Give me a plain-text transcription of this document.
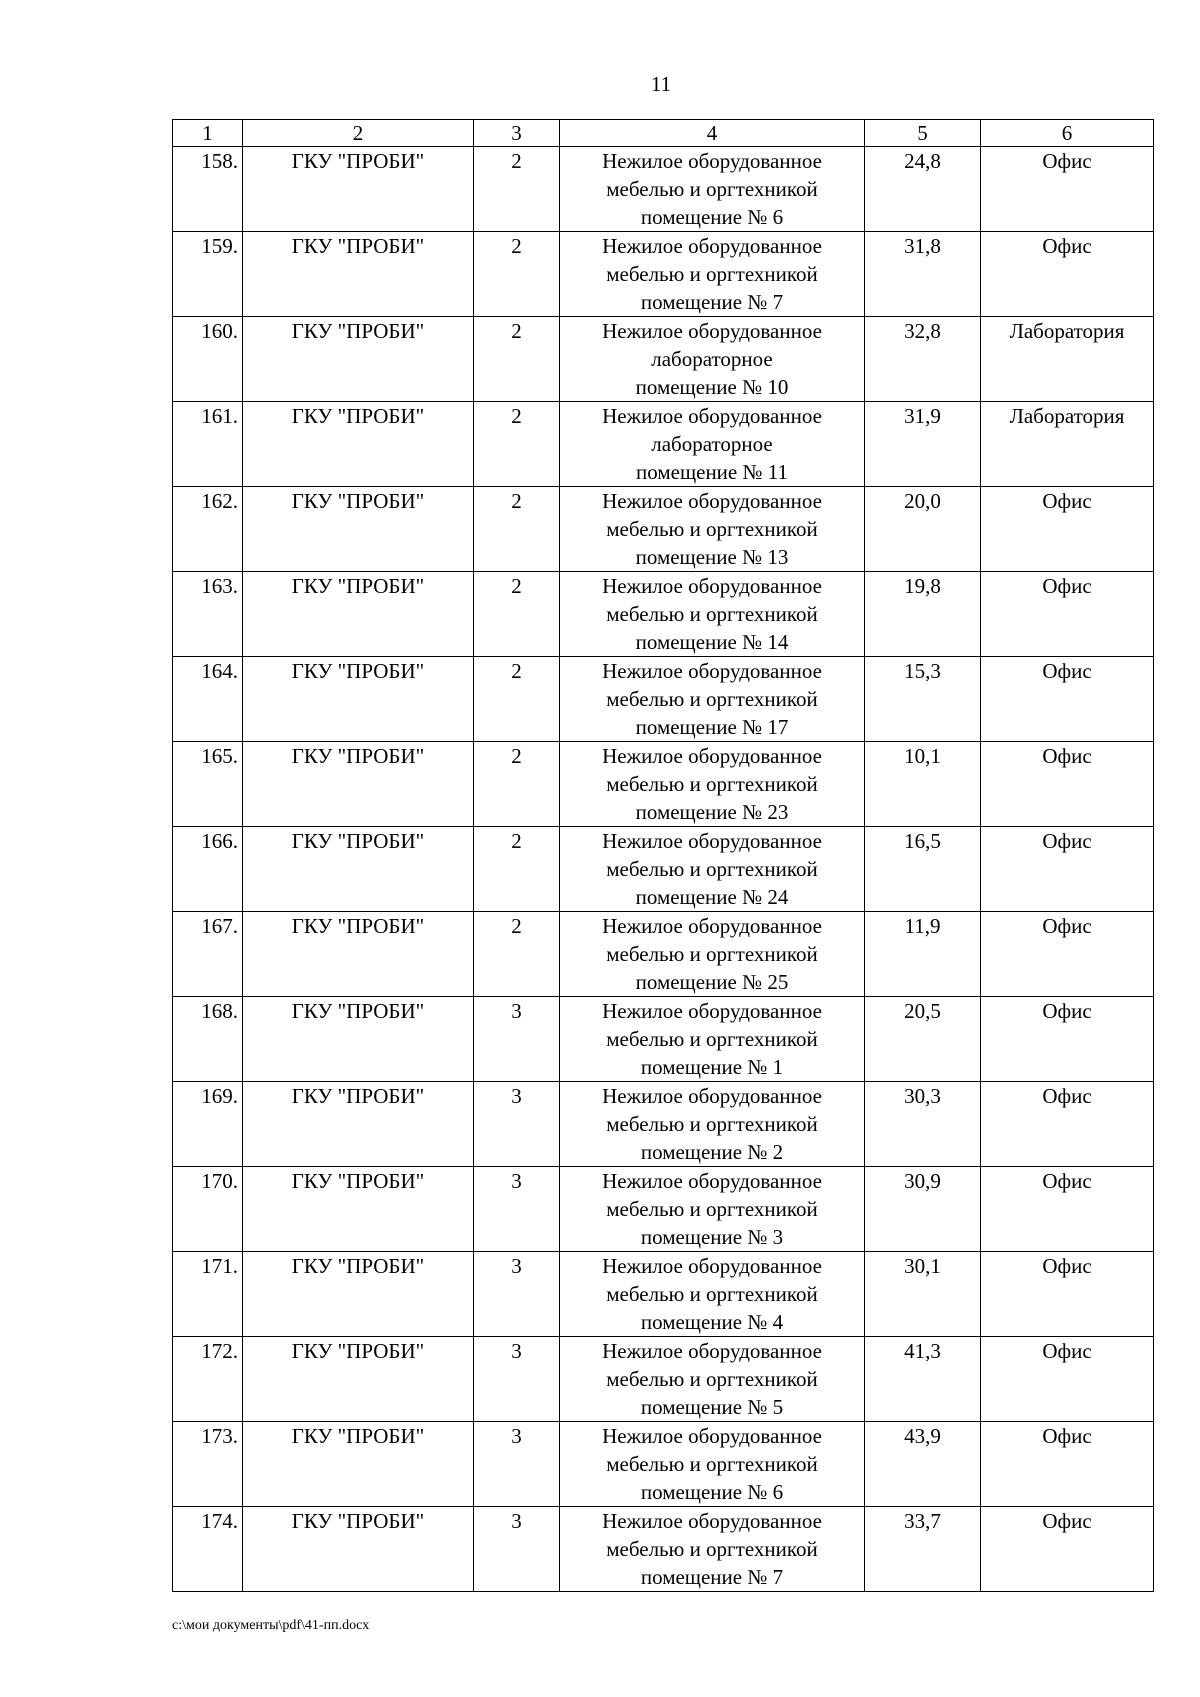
11
1	2	3	4	5	6
158.	ГКУ "ПРОБИ"	2	Нежилое оборудованное
мебелью и оргтехникой
помещение № 6	24,8	Офис
159.	ГКУ "ПРОБИ"	2	Нежилое оборудованное
мебелью и оргтехникой
помещение № 7	31,8	Офис
160.	ГКУ "ПРОБИ"	2	Нежилое оборудованное
лабораторное
помещение № 10	32,8	Лаборатория
161.	ГКУ "ПРОБИ"	2	Нежилое оборудованное
лабораторное
помещение № 11	31,9	Лаборатория
162.	ГКУ "ПРОБИ"	2	Нежилое оборудованное
мебелью и оргтехникой
помещение № 13	20,0	Офис
163.	ГКУ "ПРОБИ"	2	Нежилое оборудованное
мебелью и оргтехникой
помещение № 14	19,8	Офис
164.	ГКУ "ПРОБИ"	2	Нежилое оборудованное
мебелью и оргтехникой
помещение № 17	15,3	Офис
165.	ГКУ "ПРОБИ"	2	Нежилое оборудованное
мебелью и оргтехникой
помещение № 23	10,1	Офис
166.	ГКУ "ПРОБИ"	2	Нежилое оборудованное
мебелью и оргтехникой
помещение № 24	16,5	Офис
167.	ГКУ "ПРОБИ"	2	Нежилое оборудованное
мебелью и оргтехникой
помещение № 25	11,9	Офис
168.	ГКУ "ПРОБИ"	3	Нежилое оборудованное
мебелью и оргтехникой
помещение № 1	20,5	Офис
169.	ГКУ "ПРОБИ"	3	Нежилое оборудованное
мебелью и оргтехникой
помещение № 2	30,3	Офис
170.	ГКУ "ПРОБИ"	3	Нежилое оборудованное
мебелью и оргтехникой
помещение № 3	30,9	Офис
171.	ГКУ "ПРОБИ"	3	Нежилое оборудованное
мебелью и оргтехникой
помещение № 4	30,1	Офис
172.	ГКУ "ПРОБИ"	3	Нежилое оборудованное
мебелью и оргтехникой
помещение № 5	41,3	Офис
173.	ГКУ "ПРОБИ"	3	Нежилое оборудованное
мебелью и оргтехникой
помещение № 6	43,9	Офис
174.	ГКУ "ПРОБИ"	3	Нежилое оборудованное
мебелью и оргтехникой
помещение № 7	33,7	Офис
c:\мои документы\pdf\41-пп.docx
